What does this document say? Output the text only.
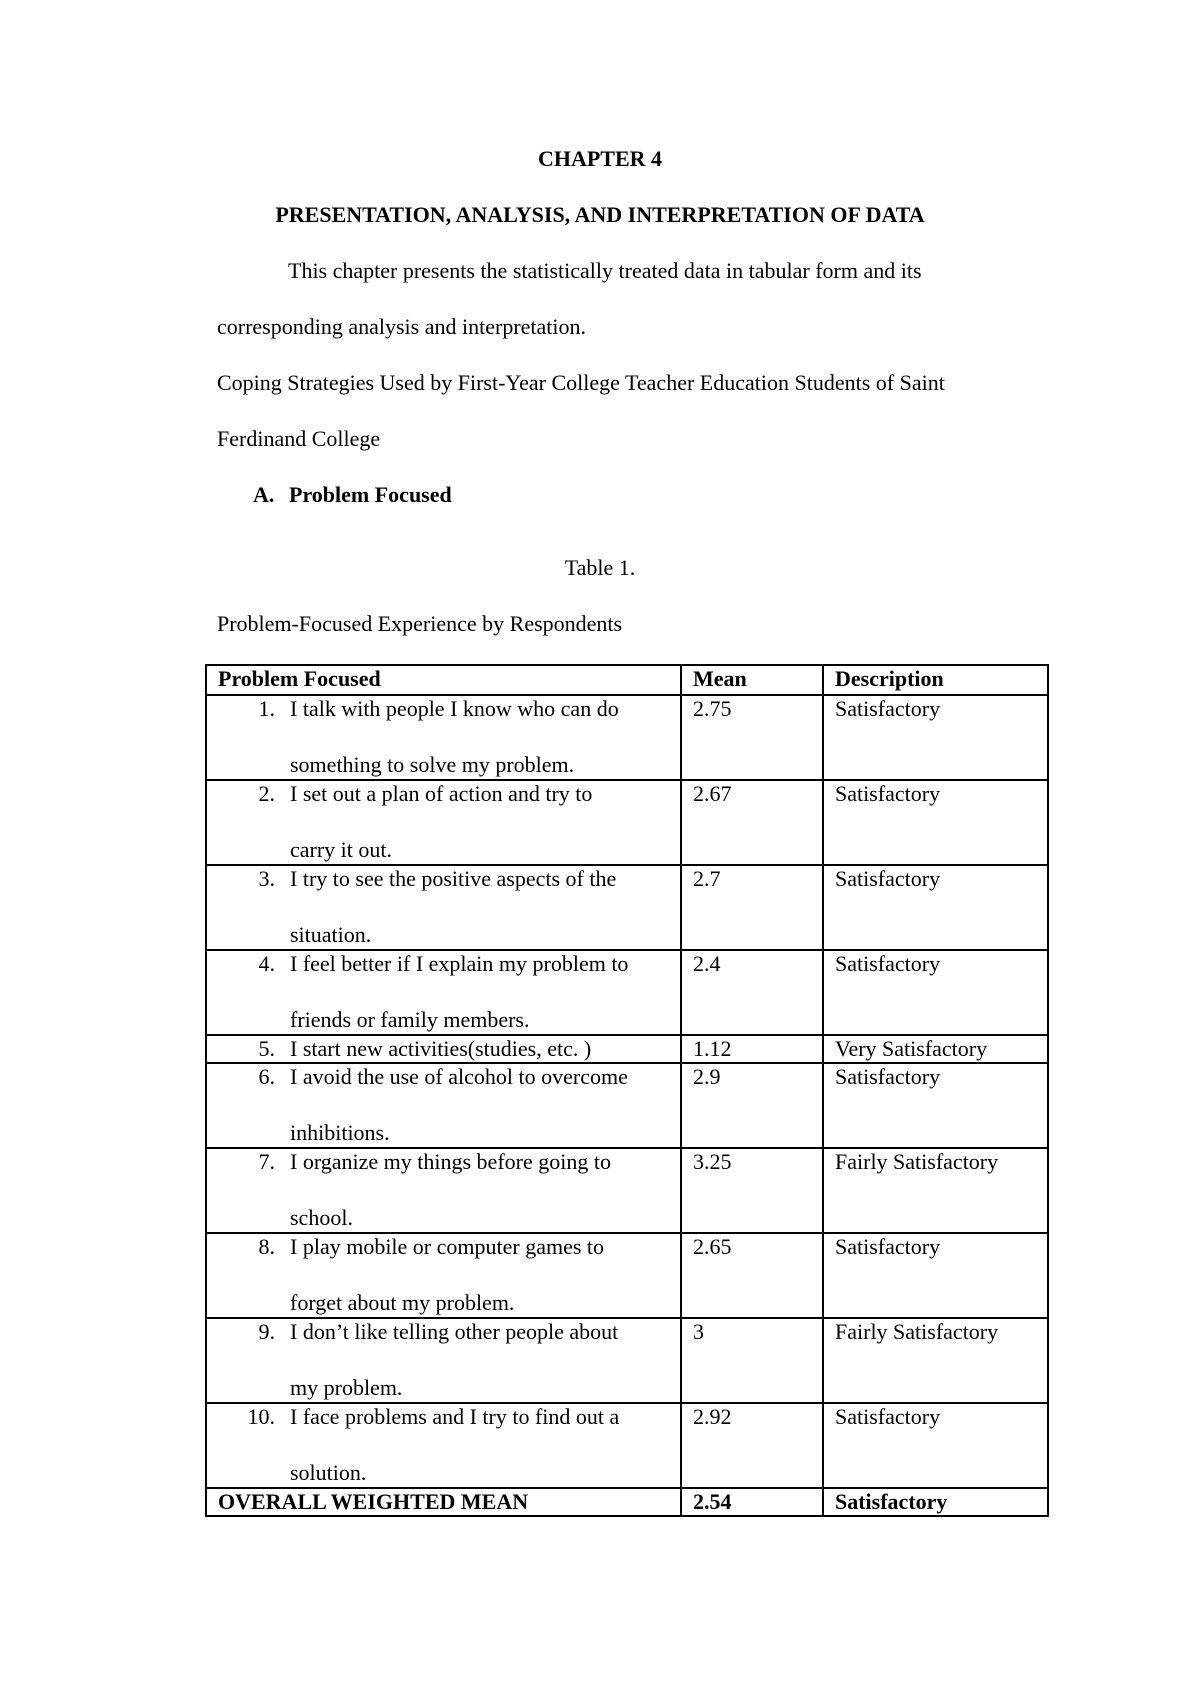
CHAPTER 4
PRESENTATION, ANALYSIS, AND INTERPRETATION OF DATA
This chapter presents the statistically treated data in tabular form and its
corresponding analysis and interpretation.
Coping Strategies Used by First-Year College Teacher Education Students of Saint
Ferdinand College
A. Problem Focused
Table 1.
Problem-Focused Experience by Respondents
Problem Focused	Mean	Description

1. I talk with people I know who can do
something to solve my problem.	2.75	Satisfactory

2. I set out a plan of action and try to
carry it out.	2.67	Satisfactory

3. I try to see the positive aspects of the
situation.	2.7	Satisfactory

4. I feel better if I explain my problem to
friends or family members.	2.4	Satisfactory

5. I start new activities(studies, etc. )	1.12	Very Satisfactory

6. I avoid the use of alcohol to overcome
inhibitions.	2.9	Satisfactory

7. I organize my things before going to
school.	3.25	Fairly Satisfactory

8. I play mobile or computer games to
forget about my problem.	2.65	Satisfactory

9. I don’t like telling other people about
my problem.	3	Fairly Satisfactory

10. I face problems and I try to find out a
solution.	2.92	Satisfactory
OVERALL WEIGHTED MEAN	2.54	Satisfactory
